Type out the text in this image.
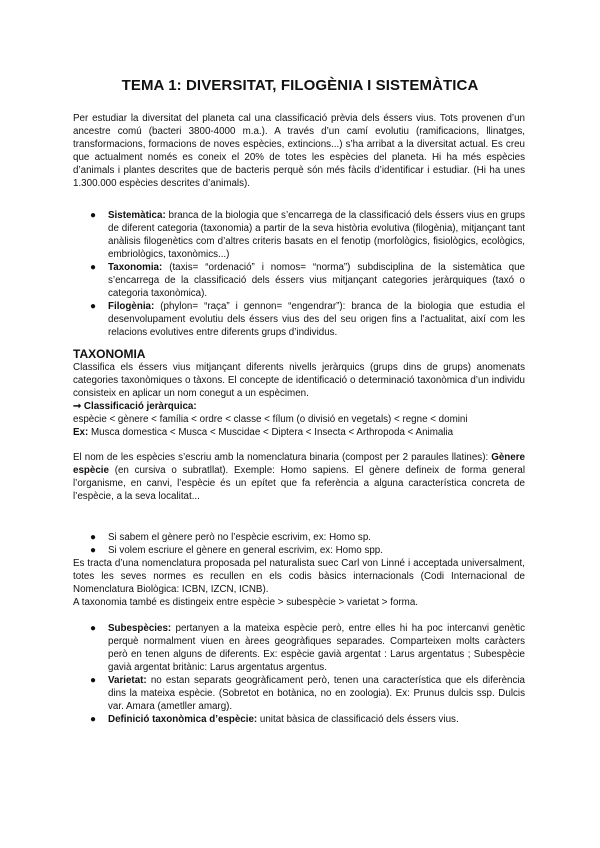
TEMA 1: DIVERSITAT, FILOGÈNIA I SISTEMÀTICA
Per estudiar la diversitat del planeta cal una classificació prèvia dels éssers vius. Tots provenen d’un ancestre comú (bacteri 3800-4000 m.a.). A través d’un camí evolutiu (ramificacions, llinatges, transformacions, formacions de noves espècies, extincions...) s’ha arribat a la diversitat actual. Es creu que actualment només es coneix el 20% de totes les espècies del planeta. Hi ha més espècies d’animals i plantes descrites que de bacteris perquè són més fàcils d’identificar i estudiar. (Hi ha unes 1.300.000 espècies descrites d’animals).
● Sistemàtica: branca de la biologia que s’encarrega de la classificació dels éssers vius en grups de diferent categoria (taxonomia) a partir de la seva història evolutiva (filogènia), mitjançant tant anàlisis filogenètics com d’altres criteris basats en el fenotip (morfològics, fisiològics, ecològics, embriològics, taxonòmics...)
● Taxonomia: (taxis= “ordenació” i nomos= “norma”) subdisciplina de la sistemàtica que s’encarrega de la classificació dels éssers vius mitjançant categories jeràrquiques (taxó o categoria taxonòmica).
● Filogènia: (phylon= “raça” i gennon= “engendrar”): branca de la biologia que estudia el desenvolupament evolutiu dels éssers vius des del seu origen fins a l’actualitat, així com les relacions evolutives entre diferents grups d’individus.
TAXONOMIA
Classifica els éssers vius mitjançant diferents nivells jeràrquics (grups dins de grups) anomenats categories taxonòmiques o tàxons. El concepte de identificació o determinació taxonòmica d’un individu consisteix en aplicar un nom conegut a un espècimen.
➞ Classificació jeràrquica:
espècie < gènere < família < ordre < classe < fílum (o divisió en vegetals) < regne < domini
Ex: Musca domestica < Musca < Muscidae < Diptera < Insecta < Arthropoda < Animalia
El nom de les espècies s’escriu amb la nomenclatura binaria (compost per 2 paraules llatines): Gènere espècie (en cursiva o subratllat). Exemple: Homo sapiens. El gènere defineix de forma general l’organisme, en canvi, l’espècie és un epítet que fa referència a alguna característica concreta de l’espècie, a la seva localitat...
● Si sabem el gènere però no l’espècie escrivim, ex: Homo sp.
● Si volem escriure el gènere en general escrivim, ex: Homo spp.
Es tracta d’una nomenclatura proposada pel naturalista suec Carl von Linné i acceptada universalment, totes les seves normes es recullen en els codis bàsics internacionals (Codi Internacional de Nomenclatura Biològica: ICBN, IZCN, ICNB).
A taxonomia també es distingeix entre espècie > subespècie > varietat > forma.
● Subespècies: pertanyen a la mateixa espècie però, entre elles hi ha poc intercanvi genètic perquè normalment viuen en àrees geogràfiques separades. Comparteixen molts caràcters però en tenen alguns de diferents. Ex: espècie gavià argentat : Larus argentatus ; Subespècie gavià argentat britànic: Larus argentatus argentus.
● Varietat: no estan separats geogràficament però, tenen una característica que els diferència dins la mateixa espècie. (Sobretot en botànica, no en zoologia). Ex: Prunus dulcis ssp. Dulcis var. Amara (ametller amarg).
● Definició taxonòmica d’espècie: unitat bàsica de classificació dels éssers vius.
